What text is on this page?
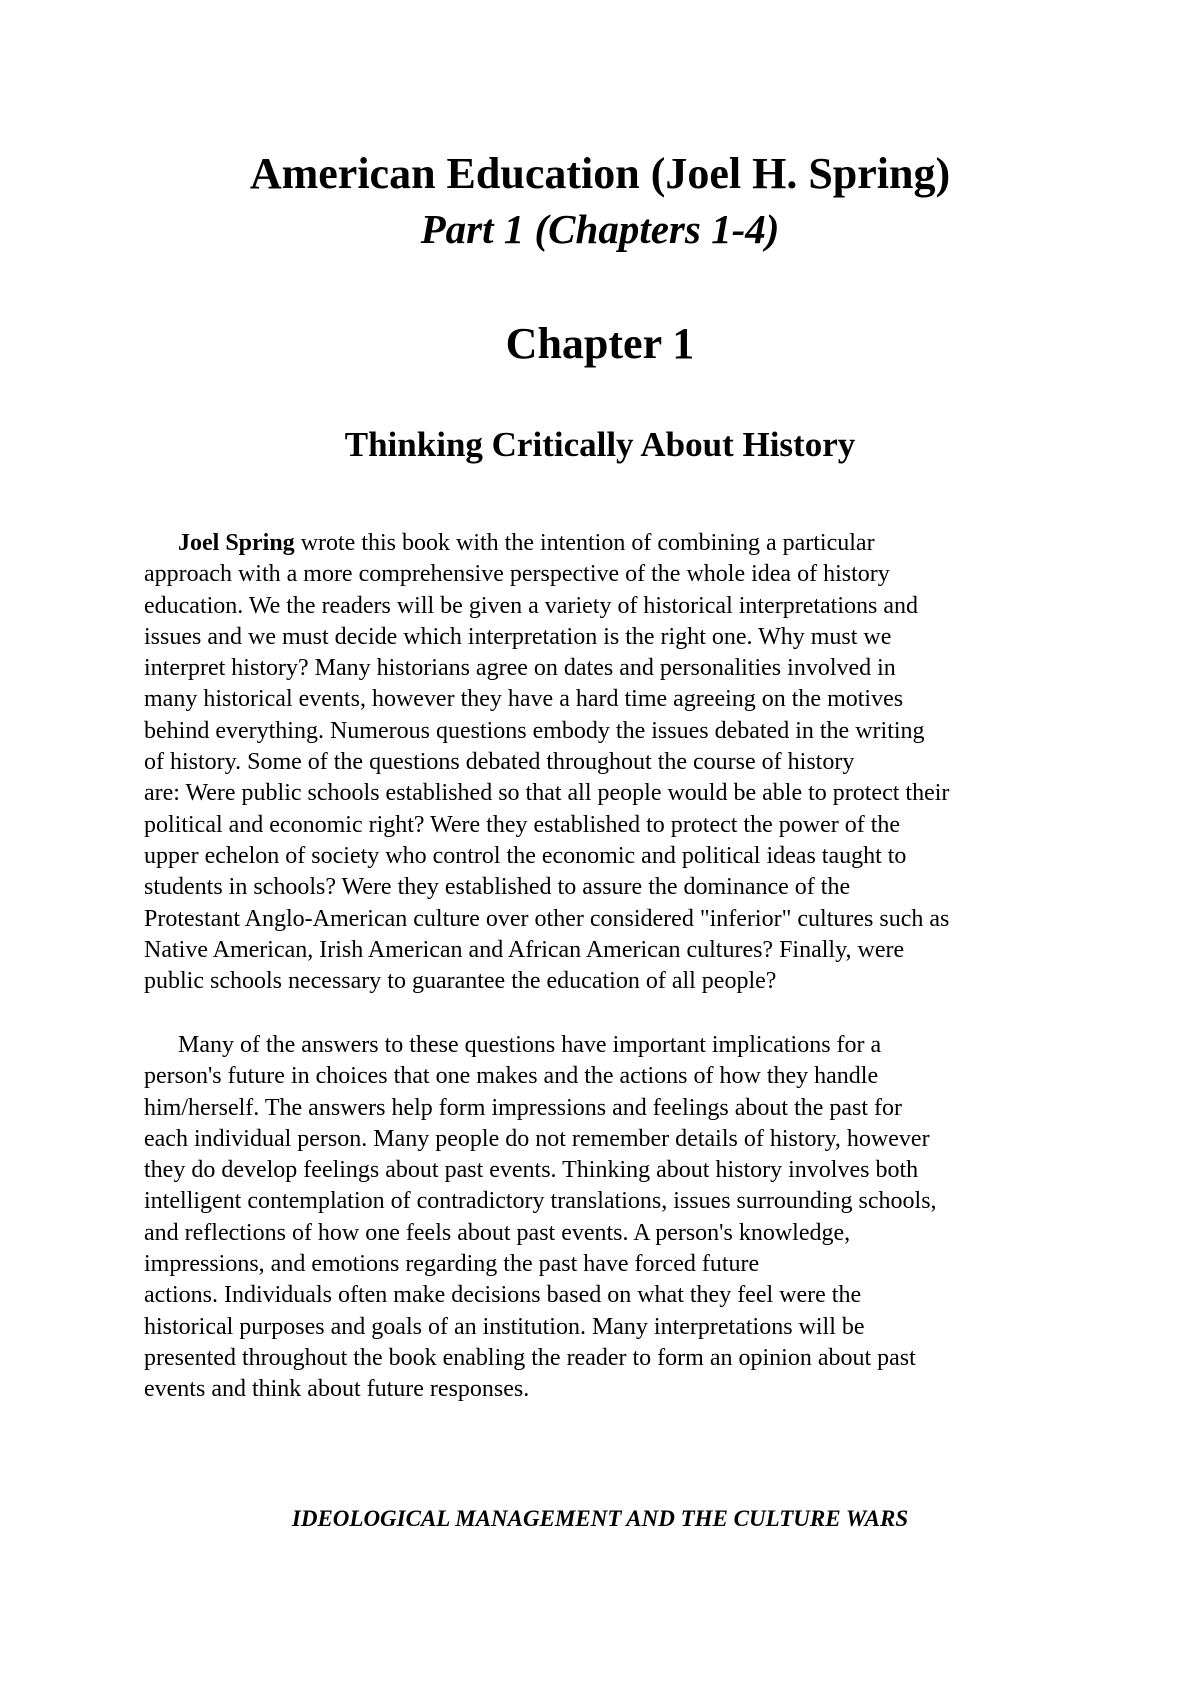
American Education (Joel H. Spring)
Part 1 (Chapters 1-4)
Chapter 1
Thinking Critically About History
Joel Spring wrote this book with the intention of combining a particular
approach with a more comprehensive perspective of the whole idea of history
education. We the readers will be given a variety of historical interpretations and
issues and we must decide which interpretation is the right one. Why must we
interpret history? Many historians agree on dates and personalities involved in
many historical events, however they have a hard time agreeing on the motives
behind everything. Numerous questions embody the issues debated in the writing
of history. Some of the questions debated throughout the course of history
are: Were public schools established so that all people would be able to protect their
political and economic right? Were they established to protect the power of the
upper echelon of society who control the economic and political ideas taught to
students in schools? Were they established to assure the dominance of the
Protestant Anglo-American culture over other considered "inferior" cultures such as
Native American, Irish American and African American cultures? Finally, were
public schools necessary to guarantee the education of all people?
Many of the answers to these questions have important implications for a
person's future in choices that one makes and the actions of how they handle
him/herself. The answers help form impressions and feelings about the past for
each individual person. Many people do not remember details of history, however
they do develop feelings about past events. Thinking about history involves both
intelligent contemplation of contradictory translations, issues surrounding schools,
and reflections of how one feels about past events. A person's knowledge,
impressions, and emotions regarding the past have forced future
actions. Individuals often make decisions based on what they feel were the
historical purposes and goals of an institution. Many interpretations will be
presented throughout the book enabling the reader to form an opinion about past
events and think about future responses.
IDEOLOGICAL MANAGEMENT AND THE CULTURE WARS
